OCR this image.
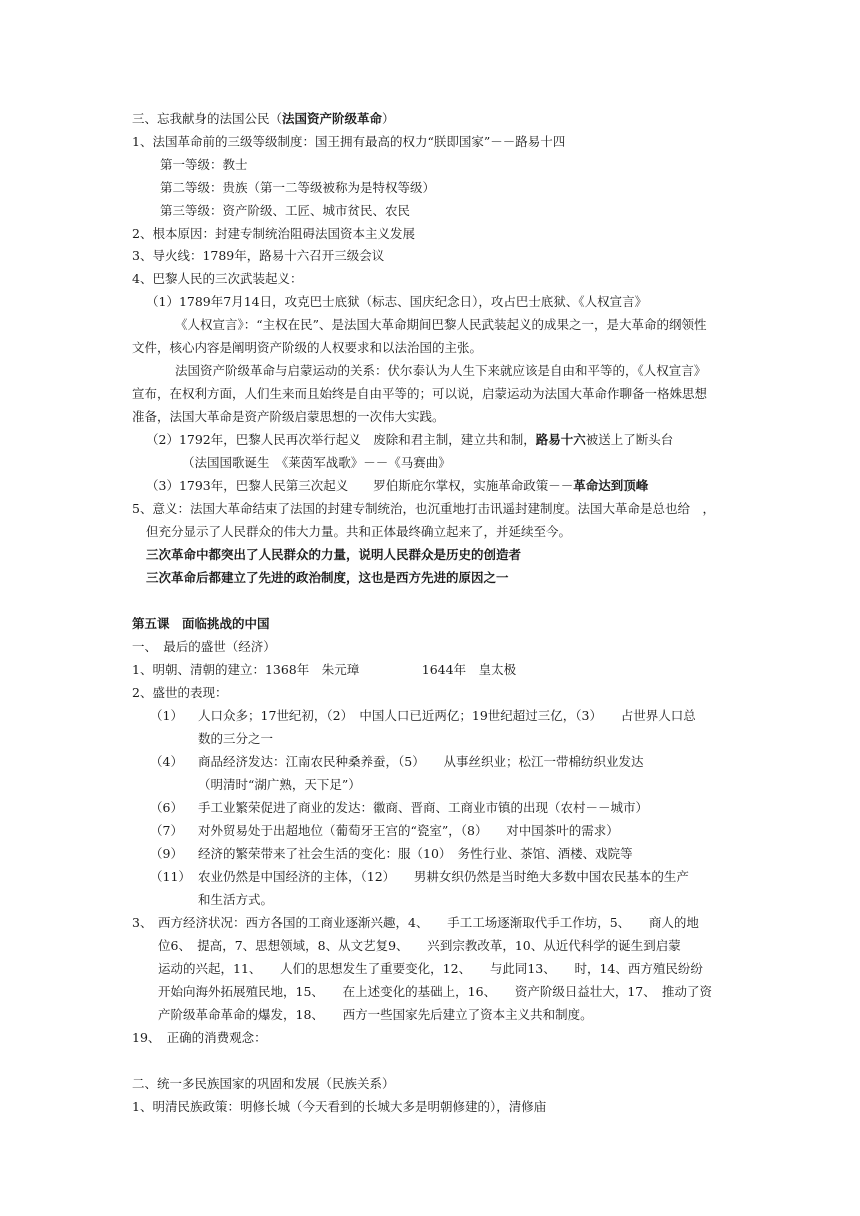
三、忘我献身的法国公民（法国资产阶级革命）
1、法国革命前的三级等级制度：国王拥有最高的权力“朕即国家”－－路易十四
第一等级：教士
第二等级：贵族（第一二等级被称为是特权等级）
第三等级：资产阶级、工匠、城市贫民、农民
2、根本原因：封建专制统治阻碍法国资本主义发展
3、导火线：1789年，路易十六召开三级会议
4、巴黎人民的三次武装起义：
（1）1789年7月14日，攻克巴士底狱（标志、国庆纪念日），攻占巴士底狱、《人权宣言》
《人权宣言》：“主权在民”、是法国大革命期间巴黎人民武装起义的成果之一，是大革命的纲领性
文件，核心内容是阐明资产阶级的人权要求和以法治国的主张。
法国资产阶级革命与启蒙运动的关系：伏尔泰认为人生下来就应该是自由和平等的，《人权宣言》
宣布，在权利方面，人们生来而且始终是自由平等的；可以说，启蒙运动为法国大革命作聊备一格姝思想
准备，法国大革命是资产阶级启蒙思想的一次伟大实践。
（2）1792年，巴黎人民再次举行起义　废除和君主制，建立共和制，路易十六被送上了断头台
（法国国歌诞生　《莱茵军战歌》－－《马赛曲》
（3）1793年，巴黎人民第三次起义　　罗伯斯庇尔掌权，实施革命政策－－革命达到顶峰
5、意义：法国大革命结束了法国的封建专制统治，也沉重地打击讯遥封建制度。法国大革命是总也给　，
但充分显示了人民群众的伟大力量。共和正体最终确立起来了，并延续至今。
三次革命中都突出了人民群众的力量，说明人民群众是历史的创造者
三次革命后都建立了先进的政治制度，这也是西方先进的原因之一
第五课　面临挑战的中国
一、　最后的盛世（经济）
1、明朝、清朝的建立：1368年　朱元璋　　　　　1644年　皇太极
2、盛世的表现：
（1） 人口众多；17世纪初，（2）　中国人口已近两亿；19世纪超过三亿，（3）　　占世界人口总
数的三分之一
（4） 商品经济发达：江南农民种桑养蚕，（5）　　从事丝织业；松江一带棉纺织业发达
（明清时“湖广熟，天下足”）
（6） 手工业繁荣促进了商业的发达：徽商、晋商、工商业市镇的出现（农村－－城市）
（7） 对外贸易处于出超地位（葡萄牙王宫的“瓷室”，（8）　　对中国茶叶的需求）
（9） 经济的繁荣带来了社会生活的变化：服（10）　务性行业、茶馆、酒楼、戏院等
（11） 农业仍然是中国经济的主体，（12）　　男耕女织仍然是当时绝大多数中国农民基本的生产
和生活方式。
3、 西方经济状况：西方各国的工商业逐渐兴趣，4、　　手工工场逐渐取代手工作坊，5、　　商人的地
位6、　提高，7、思想领域，8、从文艺复9、　　兴到宗教改革，10、从近代科学的诞生到启蒙
运动的兴起，11、　　人们的思想发生了重要变化，12、　　与此同13、　　时，14、西方殖民纷纷
开始向海外拓展殖民地，15、　　在上述变化的基础上，16、　　资产阶级日益壮大，17、　推动了资
产阶级革命革命的爆发，18、　　西方一些国家先后建立了资本主义共和制度。
19、　正确的消费观念：
二、统一多民族国家的巩固和发展（民族关系）
1、明清民族政策：明修长城（今天看到的长城大多是明朝修建的），清修庙
